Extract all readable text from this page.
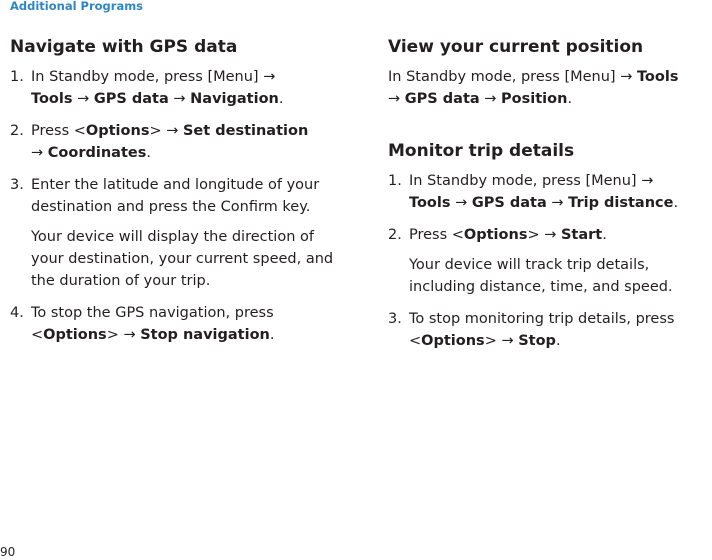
Additional Programs
Navigate with GPS data
1. In Standby mode, press [Menu] →
Tools → GPS data → Navigation.
2. Press <Options> → Set destination
→ Coordinates.
3. Enter the latitude and longitude of your destination and press the Confirm key.
Your device will display the direction of your destination, your current speed, and the duration of your trip.
4. To stop the GPS navigation, press <Options> → Stop navigation.
View your current position
In Standby mode, press [Menu] → Tools
→ GPS data → Position.
Monitor trip details
1. In Standby mode, press [Menu] →
Tools → GPS data → Trip distance.
2. Press <Options> → Start.
Your device will track trip details, including distance, time, and speed.
3. To stop monitoring trip details, press
<Options> → Stop.
90
